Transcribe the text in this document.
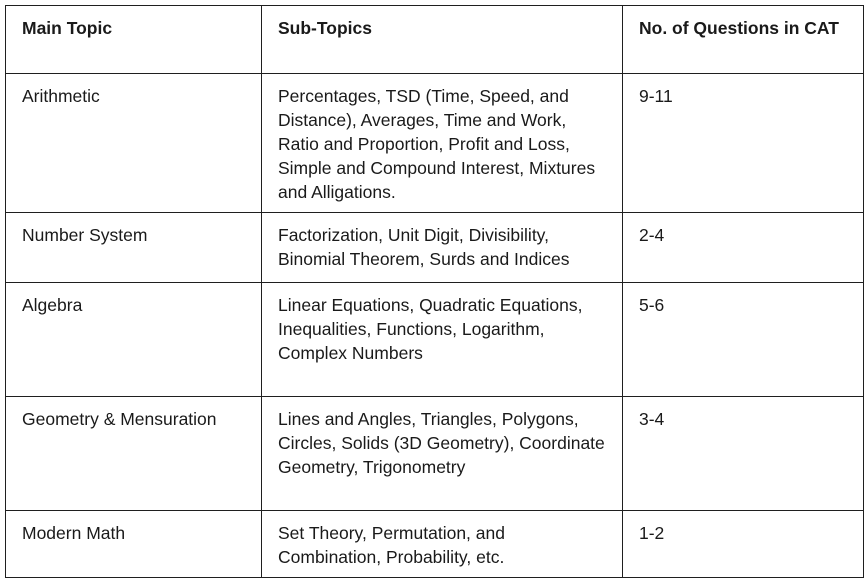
Main Topic	Sub-Topics	No. of Questions in CAT
Arithmetic	Percentages, TSD (Time, Speed, and Distance), Averages, Time and Work, Ratio and Proportion, Profit and Loss, Simple and Compound Interest, Mixtures and Alligations.	9-11
Number System	Factorization, Unit Digit, Divisibility, Binomial Theorem, Surds and Indices	2-4
Algebra	Linear Equations, Quadratic Equations, Inequalities, Functions, Logarithm, Complex Numbers	5-6
Geometry & Mensuration	Lines and Angles, Triangles, Polygons, Circles, Solids (3D Geometry), Coordinate Geometry, Trigonometry	3-4
Modern Math	Set Theory, Permutation, and Combination, Probability, etc.	1-2
